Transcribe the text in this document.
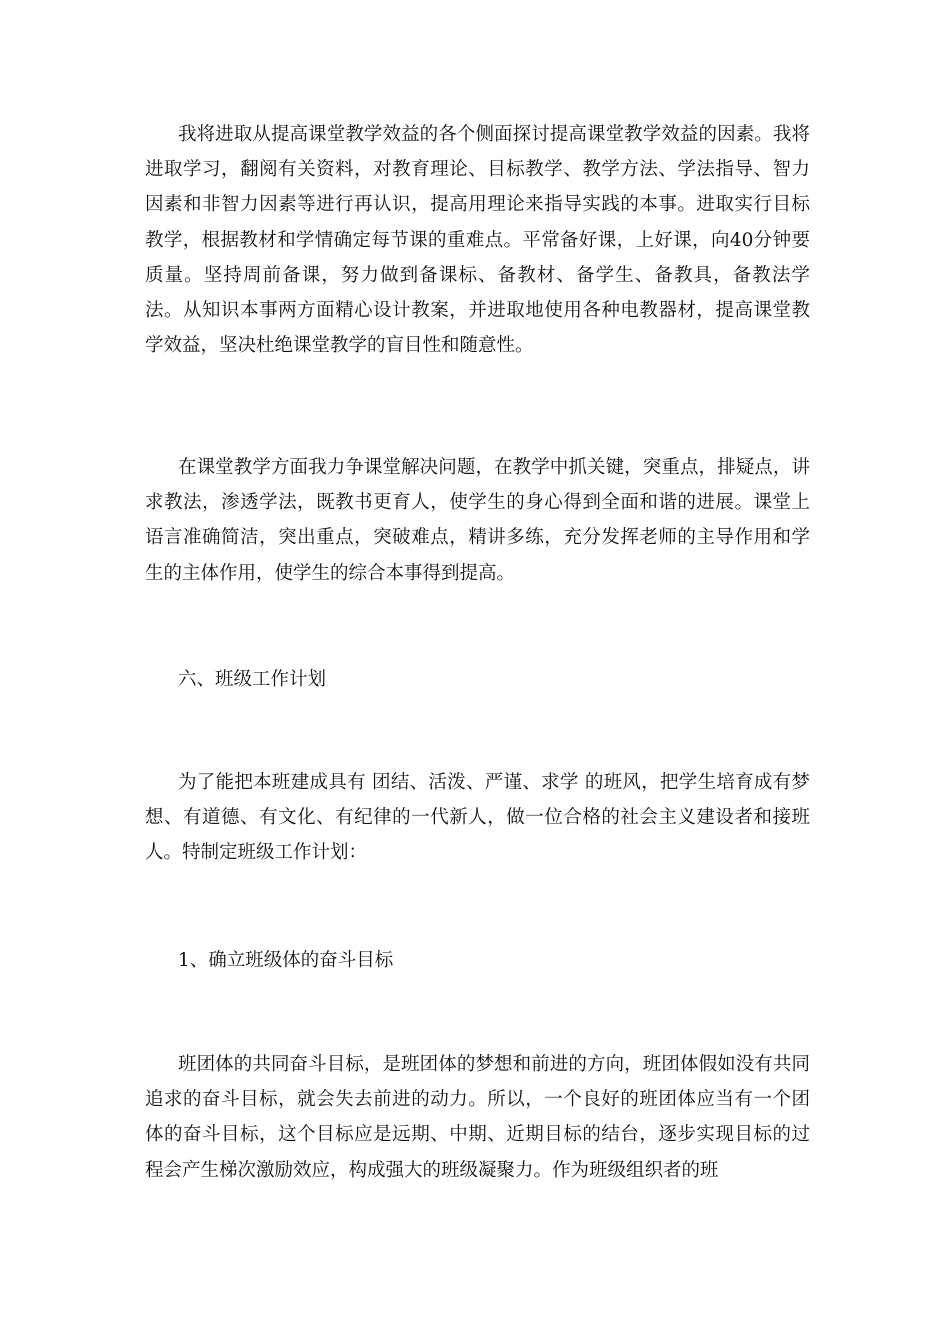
我将进取从提高课堂教学效益的各个侧面探讨提高课堂教学效益的因素。我将进取学习，翻阅有关资料，对教育理论、目标教学、教学方法、学法指导、智力因素和非智力因素等进行再认识，提高用理论来指导实践的本事。进取实行目标教学，根据教材和学情确定每节课的重难点。平常备好课，上好课，向40分钟要质量。坚持周前备课，努力做到备课标、备教材、备学生、备教具，备教法学法。从知识本事两方面精心设计教案，并进取地使用各种电教器材，提高课堂教学效益，坚决杜绝课堂教学的盲目性和随意性。

在课堂教学方面我力争课堂解决问题，在教学中抓关键，突重点，排疑点，讲求教法，渗透学法，既教书更育人，使学生的身心得到全面和谐的进展。课堂上语言准确简洁，突出重点，突破难点，精讲多练，充分发挥老师的主导作用和学生的主体作用，使学生的综合本事得到提高。

六、班级工作计划

为了能把本班建成具有 团结、活泼、严谨、求学 的班风，把学生培育成有梦想、有道德、有文化、有纪律的一代新人，做一位合格的社会主义建设者和接班人。特制定班级工作计划：

1、确立班级体的奋斗目标

班团体的共同奋斗目标，是班团体的梦想和前进的方向，班团体假如没有共同追求的奋斗目标，就会失去前进的动力。所以，一个良好的班团体应当有一个团体的奋斗目标，这个目标应是远期、中期、近期目标的结台，逐步实现目标的过程会产生梯次激励效应，构成强大的班级凝聚力。作为班级组织者的班
